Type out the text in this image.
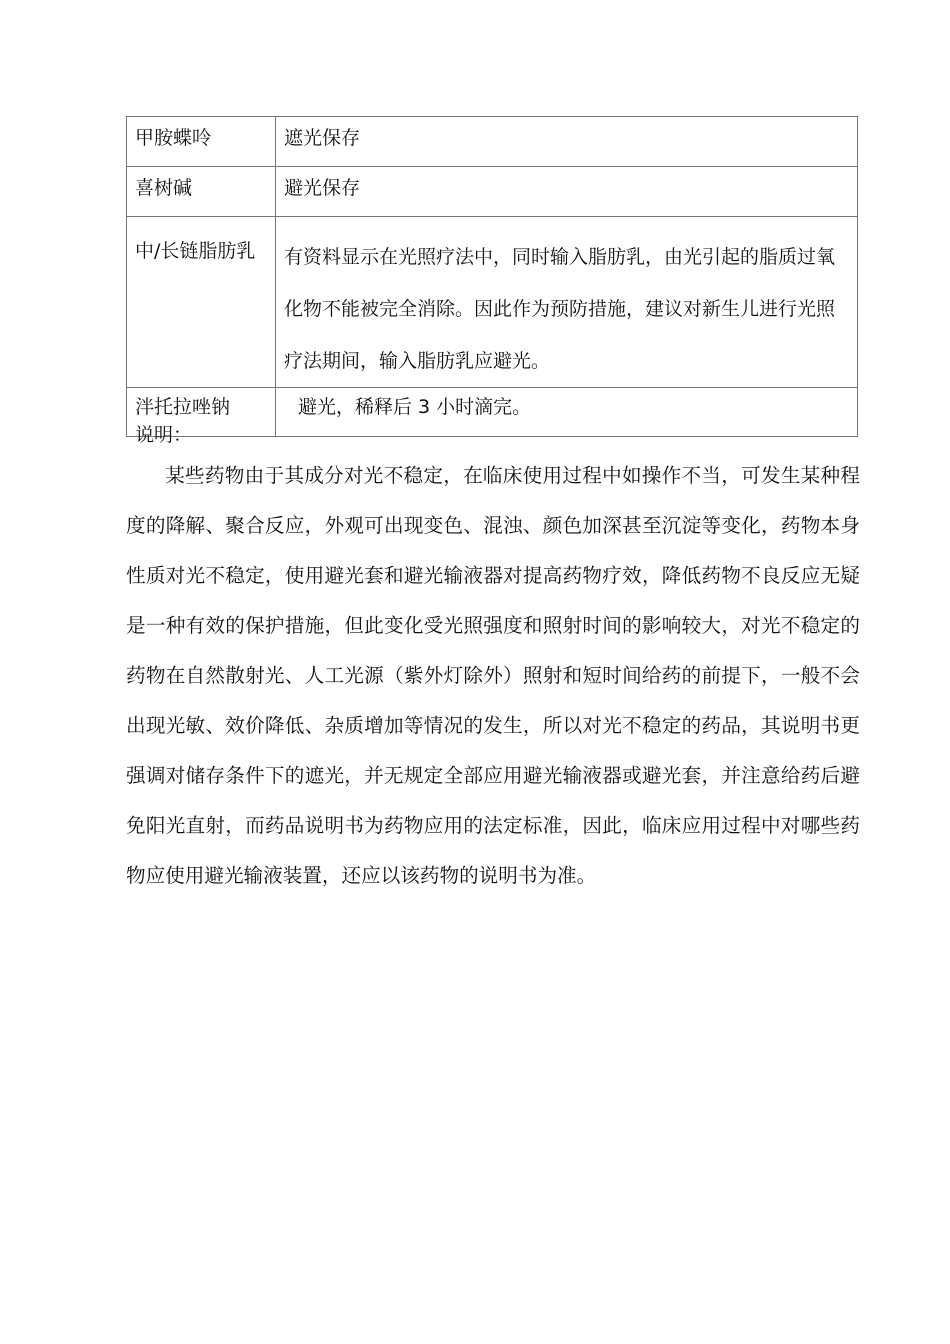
甲胺蝶呤	遮光保存

喜树碱	避光保存

中/长链脂肪乳	有资料显示在光照疗法中，同时输入脂肪乳，由光引起的脂质过氧化物不能被完全消除。因此作为预防措施，建议对新生儿进行光照疗法期间，输入脂肪乳应避光。

泮托拉唑钠	避光，稀释后 3 小时滴完。
说明：

某些药物由于其成分对光不稳定，在临床使用过程中如操作不当，可发生某种程度的降解、聚合反应，外观可出现变色、混浊、颜色加深甚至沉淀等变化，药物本身性质对光不稳定，使用避光套和避光输液器对提高药物疗效，降低药物不良反应无疑是一种有效的保护措施，但此变化受光照强度和照射时间的影响较大，对光不稳定的药物在自然散射光、人工光源（紫外灯除外）照射和短时间给药的前提下，一般不会出现光敏、效价降低、杂质增加等情况的发生，所以对光不稳定的药品，其说明书更强调对储存条件下的遮光，并无规定全部应用避光输液器或避光套，并注意给药后避免阳光直射，而药品说明书为药物应用的法定标准，因此，临床应用过程中对哪些药物应使用避光输液装置，还应以该药物的说明书为准。
